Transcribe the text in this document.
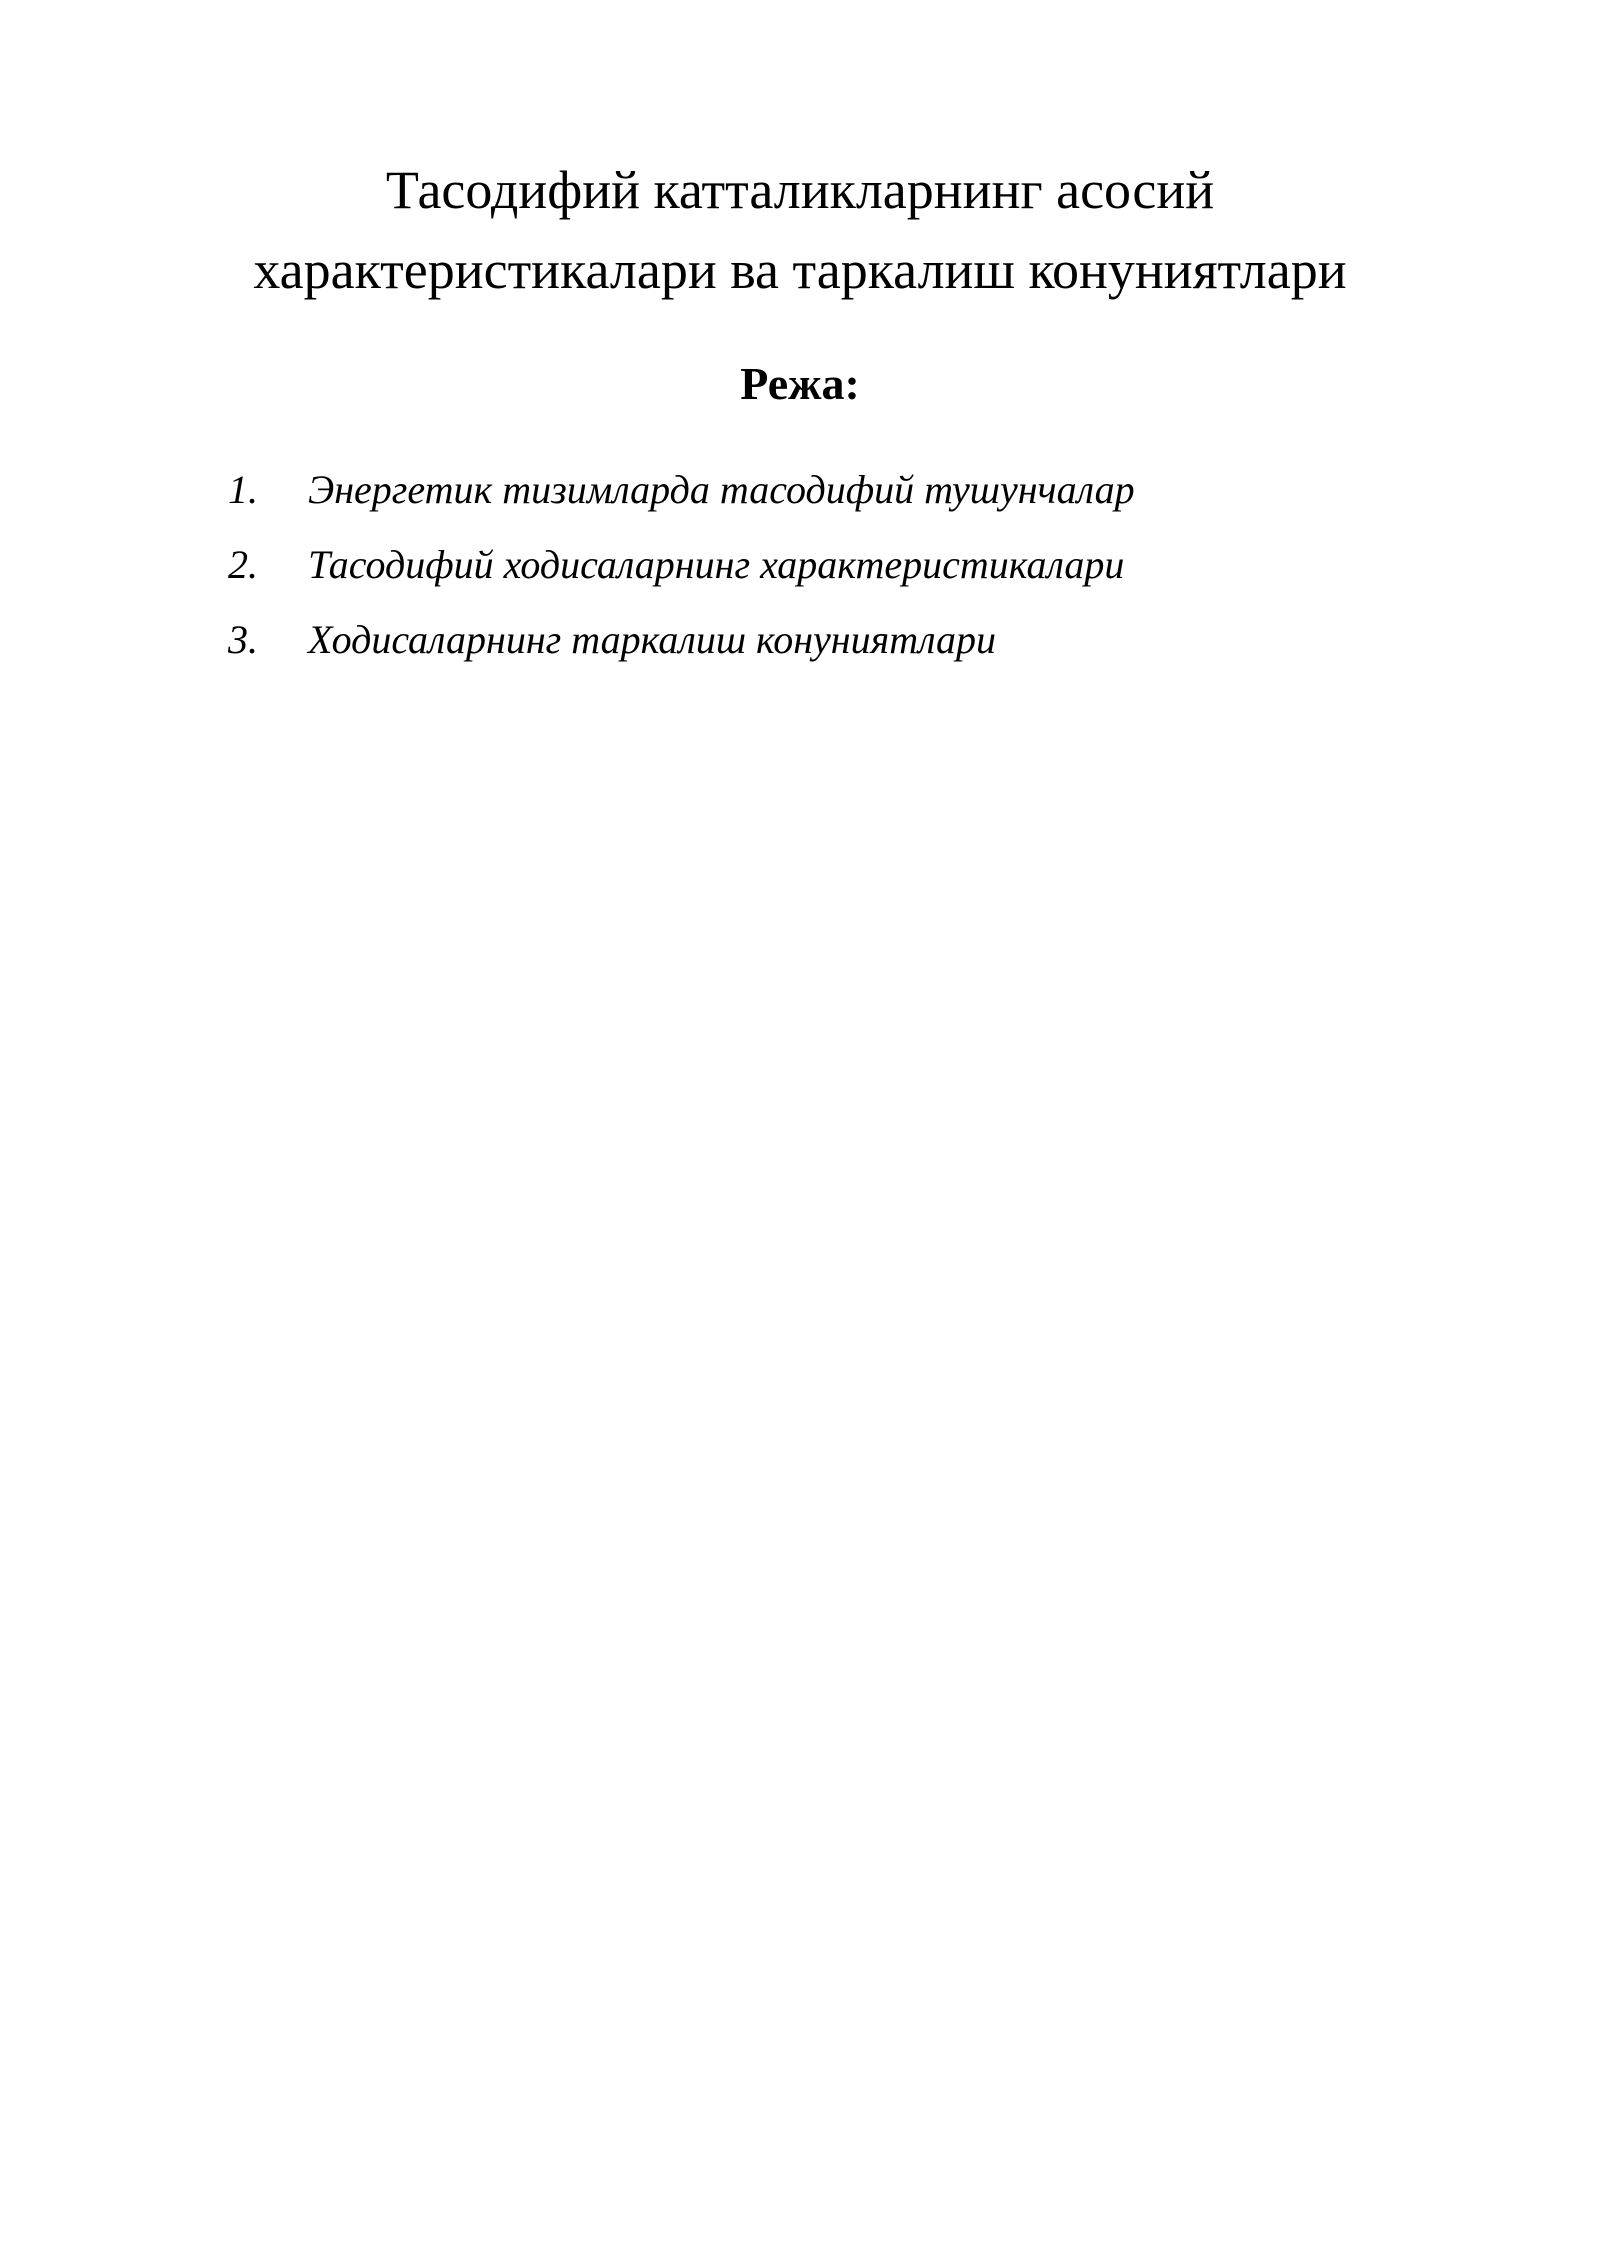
Тасодифий катталикларнинг асосий
характеристикалари ва таркалиш конуниятлари
Режа:
1. Энергетик тизимларда тасодифий тушунчалар
2. Тасодифий ходисаларнинг характеристикалари
3. Ходисаларнинг таркалиш конуниятлари
